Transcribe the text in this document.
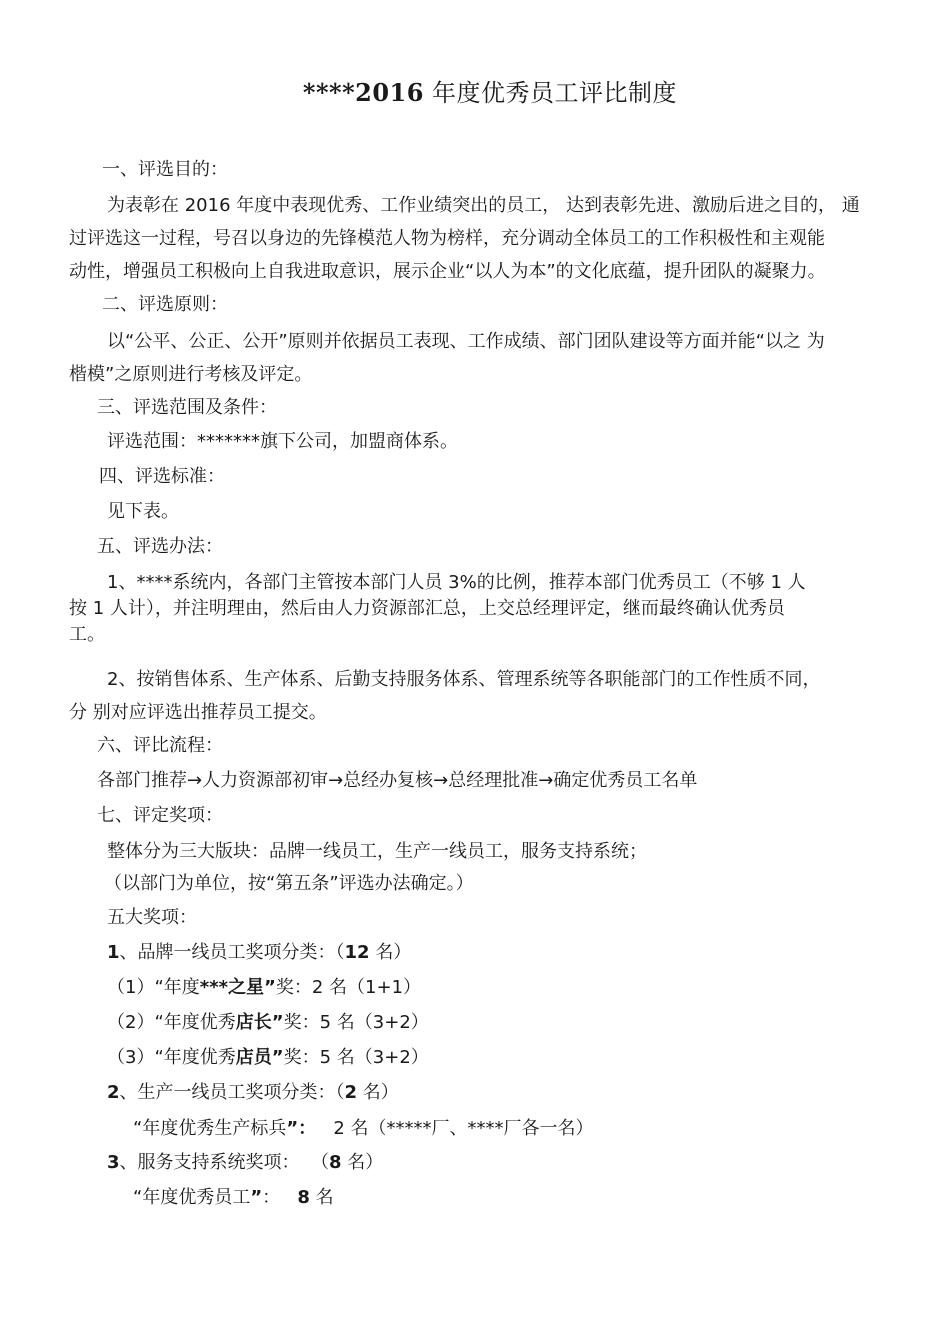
****2016 年度优秀员工评比制度
一、评选目的：
为表彰在 2016 年度中表现优秀、工作业绩突出的员工， 达到表彰先进、激励后进之目的， 通
过评选这一过程，号召以身边的先锋模范人物为榜样，充分调动全体员工的工作积极性和主观能
动性，增强员工积极向上自我进取意识，展示企业“以人为本”的文化底蕴，提升团队的凝聚力。
二、评选原则：
以“公平、公正、公开”原则并依据员工表现、工作成绩、部门团队建设等方面并能“以之 为
楷模”之原则进行考核及评定。
三、评选范围及条件：
评选范围：*******旗下公司，加盟商体系。
四、评选标准：
见下表。
五、评选办法：
1、****系统内，各部门主管按本部门人员 3%的比例，推荐本部门优秀员工（不够 1 人
按 1 人计），并注明理由，然后由人力资源部汇总，上交总经理评定，继而最终确认优秀员
工。
2、按销售体系、生产体系、后勤支持服务体系、管理系统等各职能部门的工作性质不同，
分 别对应评选出推荐员工提交。
六、评比流程：
各部门推荐→人力资源部初审→总经办复核→总经理批准→确定优秀员工名单
七、评定奖项：
整体分为三大版块：品牌一线员工，生产一线员工，服务支持系统；
（以部门为单位，按“第五条”评选办法确定。）
五大奖项：
1、品牌一线员工奖项分类：（12 名）
（1）“年度***之星”奖：2 名（1+1）
（2）“年度优秀店长”奖：5 名（3+2）
（3）“年度优秀店员”奖：5 名（3+2）
2、生产一线员工奖项分类：（2 名）
“年度优秀生产标兵”：   2 名（*****厂、****厂各一名）
3、服务支持系统奖项：  （8 名）
“年度优秀员工”：   8 名
